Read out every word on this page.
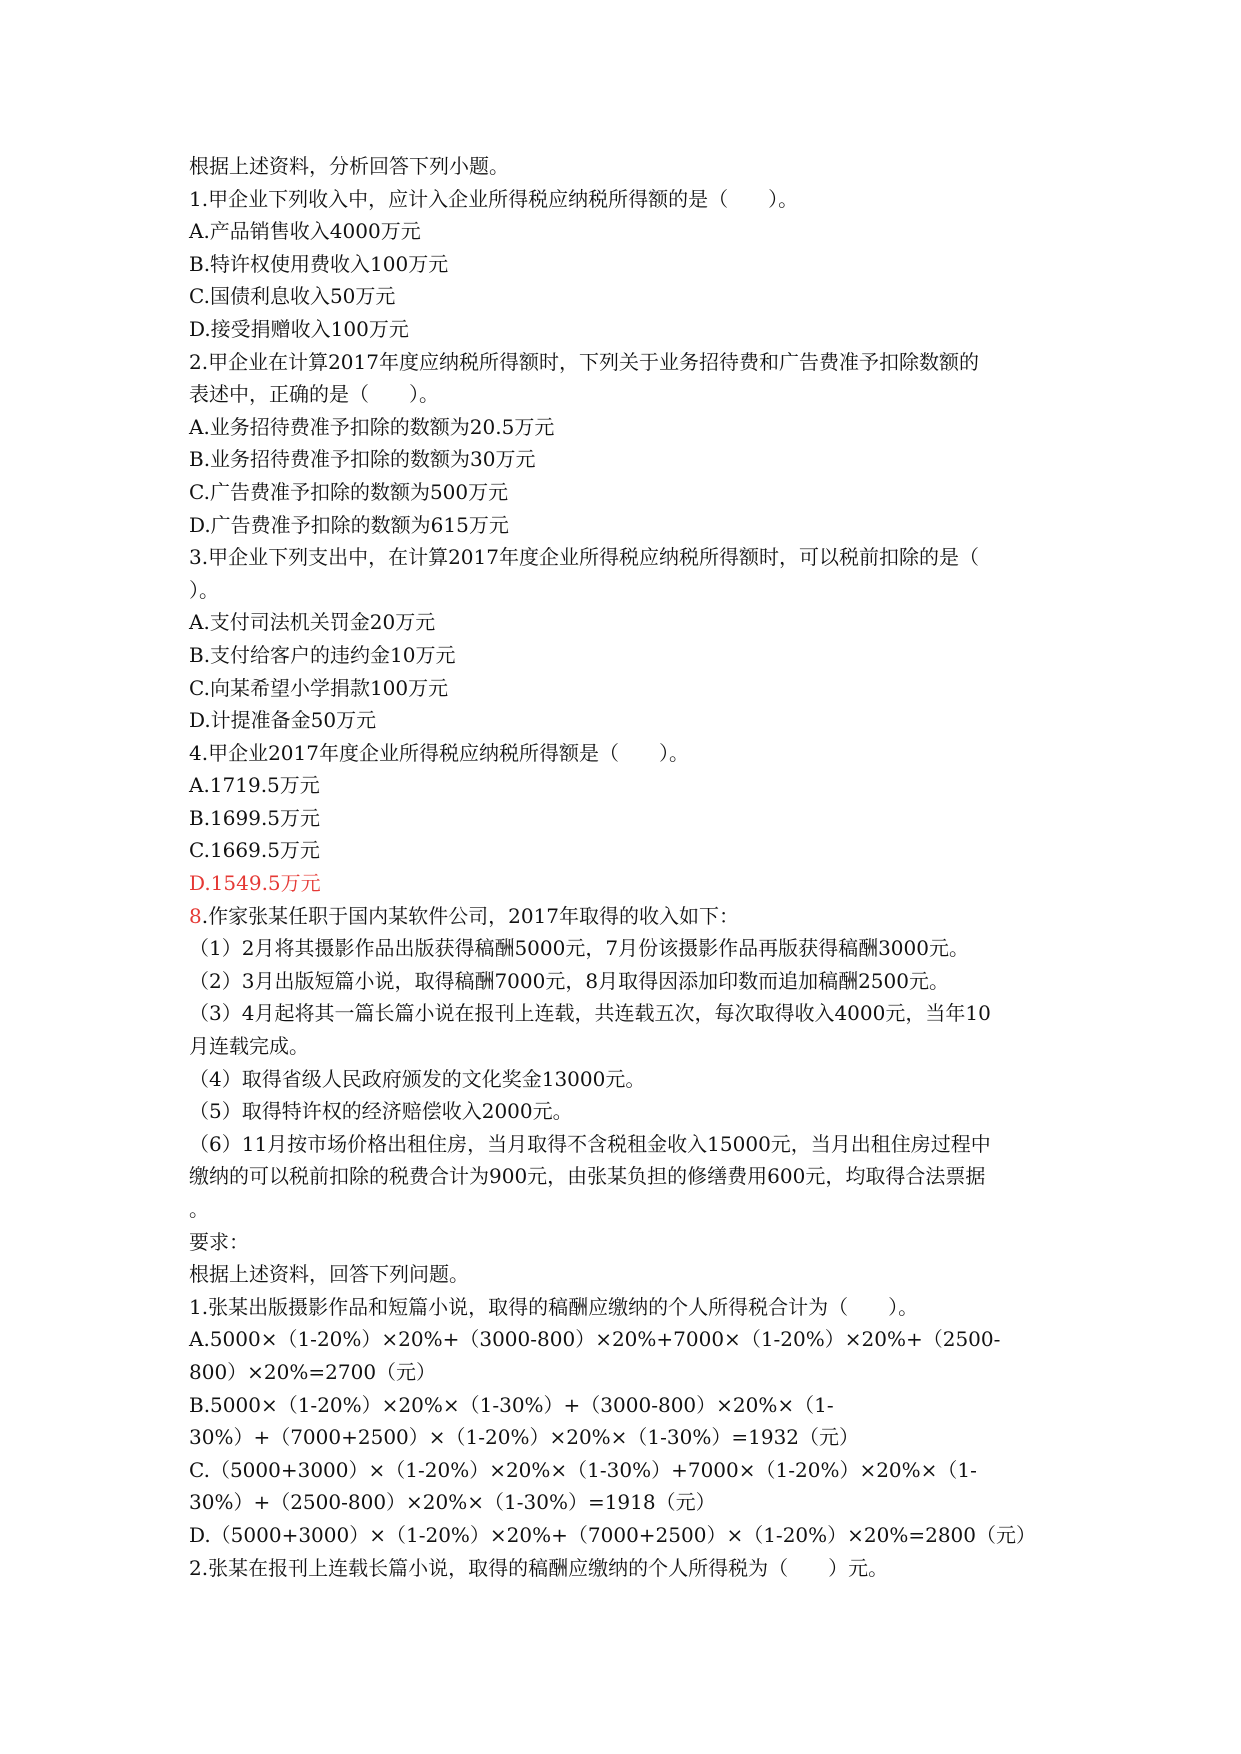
根据上述资料，分析回答下列小题。
1.甲企业下列收入中，应计入企业所得税应纳税所得额的是（　　）。
A.产品销售收入4000万元
B.特许权使用费收入100万元
C.国债利息收入50万元
D.接受捐赠收入100万元
2.甲企业在计算2017年度应纳税所得额时，下列关于业务招待费和广告费准予扣除数额的
表述中，正确的是（　　）。
A.业务招待费准予扣除的数额为20.5万元
B.业务招待费准予扣除的数额为30万元
C.广告费准予扣除的数额为500万元
D.广告费准予扣除的数额为615万元
3.甲企业下列支出中，在计算2017年度企业所得税应纳税所得额时，可以税前扣除的是（
）。
A.支付司法机关罚金20万元
B.支付给客户的违约金10万元
C.向某希望小学捐款100万元
D.计提准备金50万元
4.甲企业2017年度企业所得税应纳税所得额是（　　）。
A.1719.5万元
B.1699.5万元
C.1669.5万元
D.1549.5万元
8.作家张某任职于国内某软件公司，2017年取得的收入如下：
（1）2月将其摄影作品出版获得稿酬5000元，7月份该摄影作品再版获得稿酬3000元。
（2）3月出版短篇小说，取得稿酬7000元，8月取得因添加印数而追加稿酬2500元。
（3）4月起将其一篇长篇小说在报刊上连载，共连载五次，每次取得收入4000元，当年10
月连载完成。
（4）取得省级人民政府颁发的文化奖金13000元。
（5）取得特许权的经济赔偿收入2000元。
（6）11月按市场价格出租住房，当月取得不含税租金收入15000元，当月出租住房过程中
缴纳的可以税前扣除的税费合计为900元，由张某负担的修缮费用600元，均取得合法票据
。
要求：
根据上述资料，回答下列问题。
1.张某出版摄影作品和短篇小说，取得的稿酬应缴纳的个人所得税合计为（　　）。
A.5000×（1-20%）×20%+（3000-800）×20%+7000×（1-20%）×20%+（2500-
800）×20%=2700（元）
B.5000×（1-20%）×20%×（1-30%）+（3000-800）×20%×（1-
30%）+（7000+2500）×（1-20%）×20%×（1-30%）=1932（元）
C.（5000+3000）×（1-20%）×20%×（1-30%）+7000×（1-20%）×20%×（1-
30%）+（2500-800）×20%×（1-30%）=1918（元）
D.（5000+3000）×（1-20%）×20%+（7000+2500）×（1-20%）×20%=2800（元）
2.张某在报刊上连载长篇小说，取得的稿酬应缴纳的个人所得税为（　　）元。
